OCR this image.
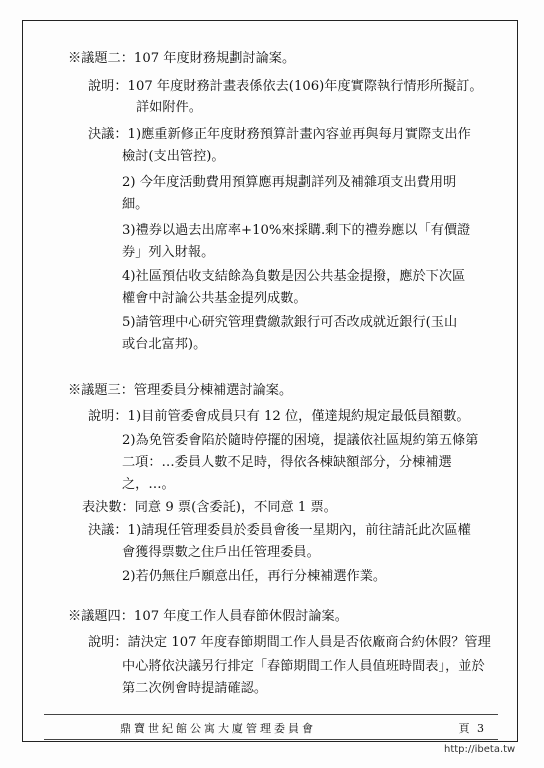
※議題二：107 年度財務規劃討論案。
說明：107 年度財務計畫表係依去(106)年度實際執行情形所擬訂。
詳如附件。
決議：1)應重新修正年度財務預算計畫內容並再與每月實際支出作
檢討(支出管控)。
2) 今年度活動費用預算應再規劃詳列及補雜項支出費用明
細。
3)禮券以過去出席率+10%來採購.剩下的禮券應以「有價證
券」列入財報。
4)社區預估收支結餘為負數是因公共基金提撥，應於下次區
權會中討論公共基金提列成數。
5)請管理中心研究管理費繳款銀行可否改成就近銀行(玉山
或台北富邦)。
※議題三：管理委員分棟補選討論案。
說明：1)目前管委會成員只有 12 位，僅達規約規定最低員額數。
2)為免管委會陷於隨時停擺的困境，提議依社區規約第五條第
二項：…委員人數不足時，得依各棟缺額部分，分棟補選
之，…。
表決數：同意 9 票(含委託)，不同意 1 票。
決議：1)請現任管理委員於委員會後一星期內，前往請託此次區權
會獲得票數之住戶出任管理委員。
2)若仍無住戶願意出任，再行分棟補選作業。
※議題四：107 年度工作人員春節休假討論案。
說明：請決定 107 年度春節期間工作人員是否依廠商合約休假？管理
中心將依決議另行排定「春節期間工作人員值班時間表」，並於
第二次例會時提請確認。
鼎寶世紀館公寓大廈管理委員會	頁 3
http://ibeta.tw
